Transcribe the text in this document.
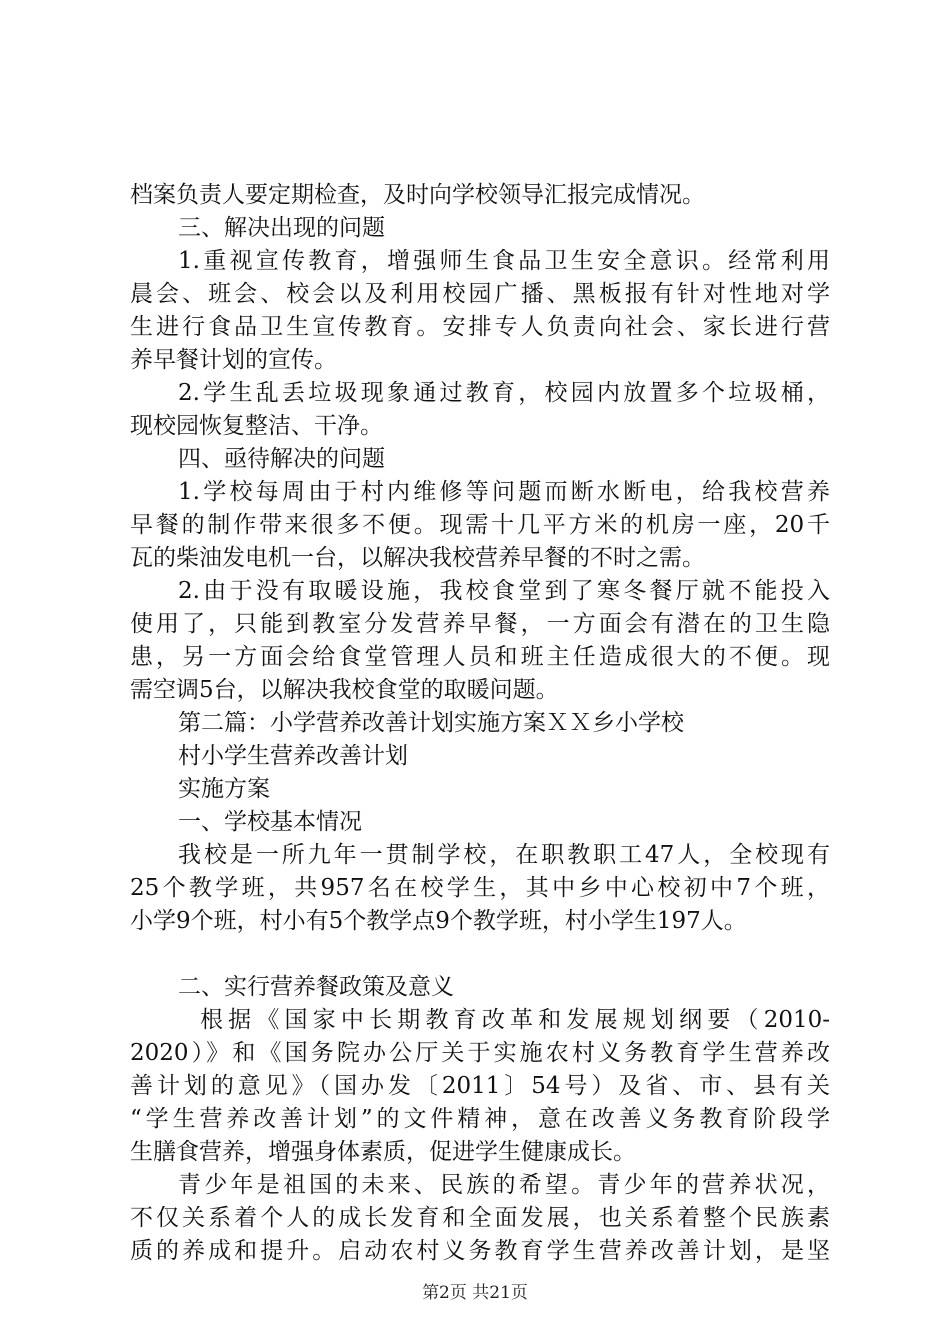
档案负责人要定期检查，及时向学校领导汇报完成情况。
三、解决出现的问题
1.重视宣传教育，增强师生食品卫生安全意识。经常利用
晨会、班会、校会以及利用校园广播、黑板报有针对性地对学
生进行食品卫生宣传教育。安排专人负责向社会、家长进行营
养早餐计划的宣传。
2.学生乱丢垃圾现象通过教育，校园内放置多个垃圾桶，
现校园恢复整洁、干净。
四、亟待解决的问题
1.学校每周由于村内维修等问题而断水断电，给我校营养
早餐的制作带来很多不便。现需十几平方米的机房一座，20千
瓦的柴油发电机一台，以解决我校营养早餐的不时之需。
2.由于没有取暖设施，我校食堂到了寒冬餐厅就不能投入
使用了，只能到教室分发营养早餐，一方面会有潜在的卫生隐
患，另一方面会给食堂管理人员和班主任造成很大的不便。现
需空调5台，以解决我校食堂的取暖问题。
第二篇：小学营养改善计划实施方案ＸＸ乡小学校
村小学生营养改善计划
实施方案
一、学校基本情况
我校是一所九年一贯制学校，在职教职工47人，全校现有
25个教学班，共957名在校学生，其中乡中心校初中7个班，
小学9个班，村小有5个教学点9个教学班，村小学生197人。
二、实行营养餐政策及意义
根据《国家中长期教育改革和发展规划纲要（2010-
2020）》和《国务院办公厅关于实施农村义务教育学生营养改
善计划的意见》（国办发〔2011〕54号）及省、市、县有关
“学生营养改善计划”的文件精神，意在改善义务教育阶段学
生膳食营养，增强身体素质，促进学生健康成长。
青少年是祖国的未来、民族的希望。青少年的营养状况，
不仅关系着个人的成长发育和全面发展，也关系着整个民族素
质的养成和提升。启动农村义务教育学生营养改善计划，是坚
第2页 共21页
